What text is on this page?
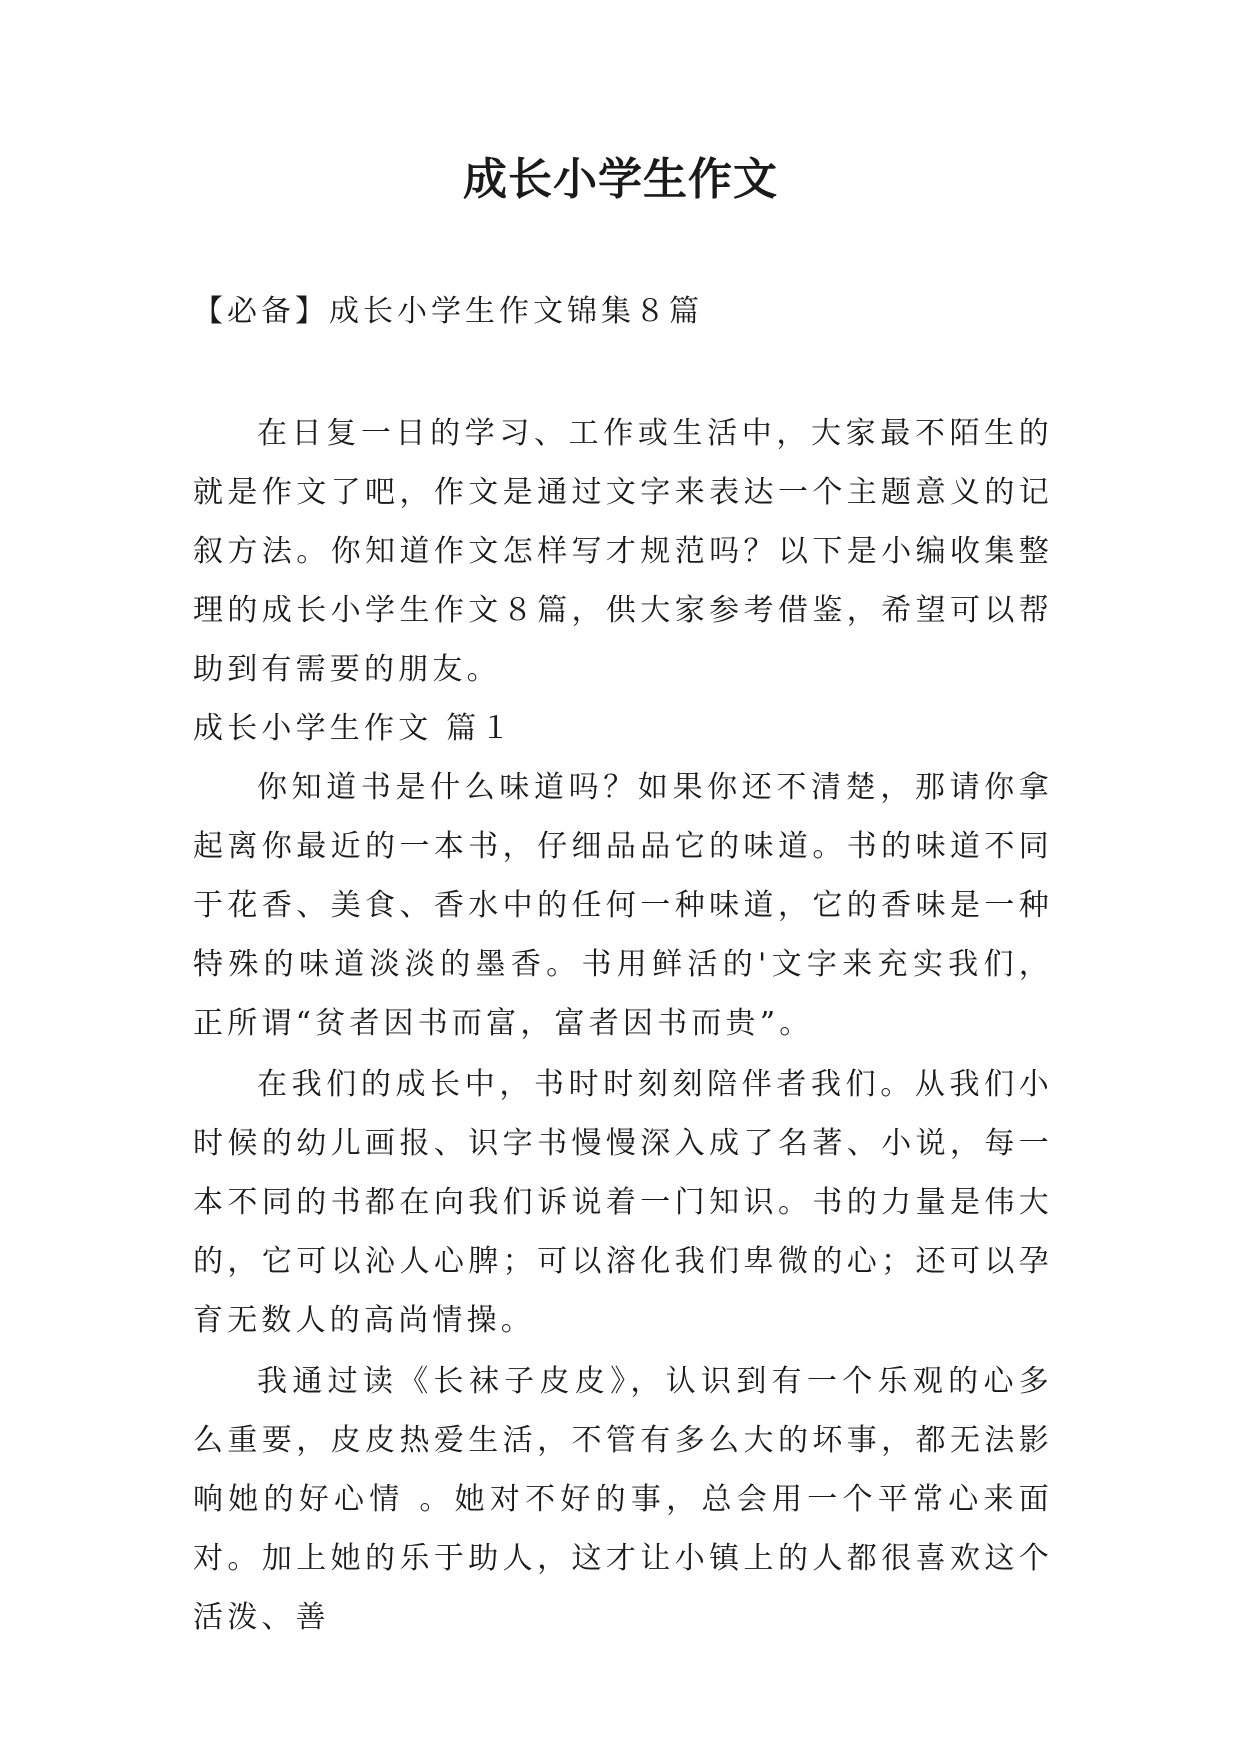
成长小学生作文

【必备】成长小学生作文锦集８篇

在日复一日的学习、工作或生活中，大家最不陌生的就是作文了吧，作文是通过文字来表达一个主题意义的记叙方法。你知道作文怎样写才规范吗？以下是小编收集整理的成长小学生作文８篇，供大家参考借鉴，希望可以帮助到有需要的朋友。

成长小学生作文 篇１

你知道书是什么味道吗？如果你还不清楚，那请你拿起离你最近的一本书，仔细品品它的味道。书的味道不同于花香、美食、香水中的任何一种味道，它的香味是一种特殊的味道淡淡的墨香。书用鲜活的'文字来充实我们，正所谓“贫者因书而富，富者因书而贵”。

在我们的成长中，书时时刻刻陪伴者我们。从我们小时候的幼儿画报、识字书慢慢深入成了名著、小说，每一本不同的书都在向我们诉说着一门知识。书的力量是伟大的，它可以沁人心脾；可以溶化我们卑微的心；还可以孕育无数人的高尚情操。

我通过读《长袜子皮皮》，认识到有一个乐观的心多么重要，皮皮热爱生活，不管有多么大的坏事，都无法影响她的好心情 。她对不好的事，总会用一个平常心来面对。加上她的乐于助人，这才让小镇上的人都很喜欢这个活泼、善
